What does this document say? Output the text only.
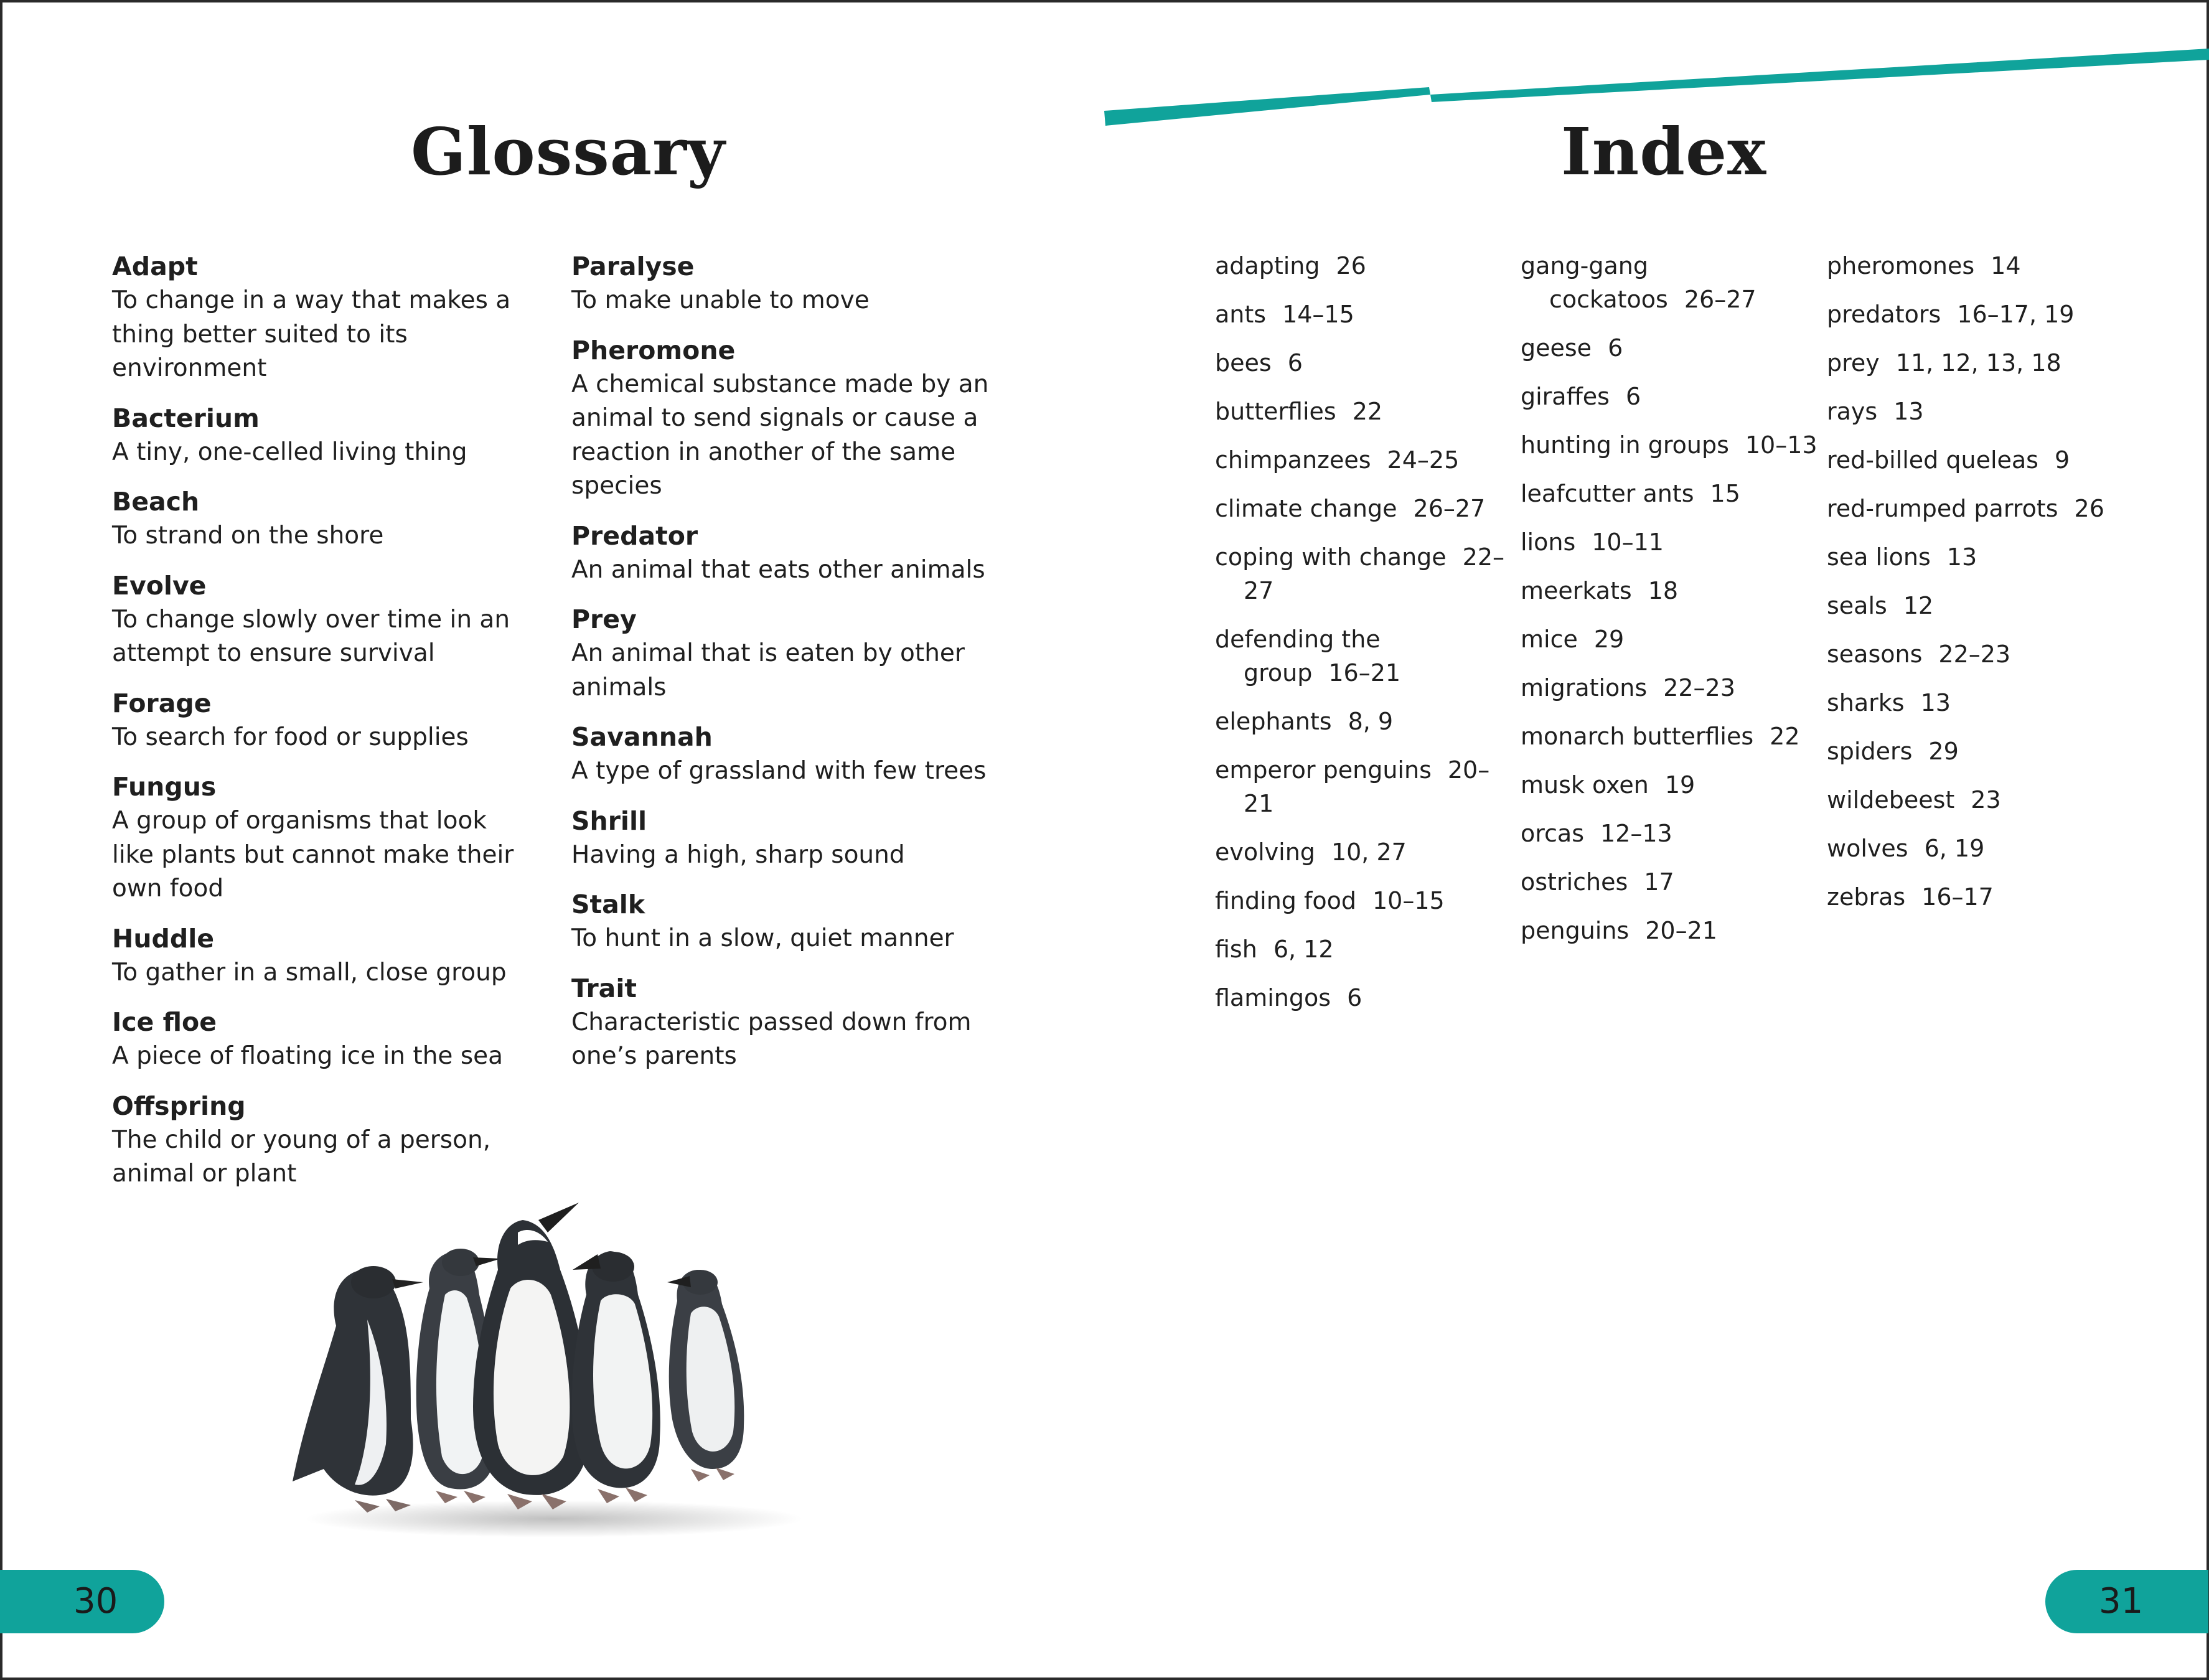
Glossary	Index
Adapt
To change in a way that makes a thing better suited to its environment
Bacterium
A tiny, one-celled living thing
Beach
To strand on the shore
Evolve
To change slowly over time in an attempt to ensure survival
Forage
To search for food or supplies
Fungus
A group of organisms that look like plants but cannot make their own food
Huddle
To gather in a small, close group
Ice floe
A piece of floating ice in the sea
Offspring
The child or young of a person, animal or plant
Paralyse
To make unable to move
Pheromone
A chemical substance made by an animal to send signals or cause a reaction in another of the same species
Predator
An animal that eats other animals
Prey
An animal that is eaten by other animals
Savannah
A type of grassland with few trees
Shrill
Having a high, sharp sound
Stalk
To hunt in a slow, quiet manner
Trait
Characteristic passed down from one’s parents
adapting 26
ants 14–15
bees 6
butterflies 22
chimpanzees 24–25
climate change 26–27
coping with change 22–27
defending the group 16–21
elephants 8, 9
emperor penguins 20–21
evolving 10, 27
finding food 10–15
fish 6, 12
flamingos 6
gang-gang cockatoos 26–27
geese 6
giraffes 6
hunting in groups 10–13
leafcutter ants 15
lions 10–11
meerkats 18
mice 29
migrations 22–23
monarch butterflies 22
musk oxen 19
orcas 12–13
ostriches 17
penguins 20–21
pheromones 14
predators 16–17, 19
prey 11, 12, 13, 18
rays 13
red-billed queleas 9
red-rumped parrots 26
sea lions 13
seals 12
seasons 22–23
sharks 13
spiders 29
wildebeest 23
wolves 6, 19
zebras 16–17
30	31
